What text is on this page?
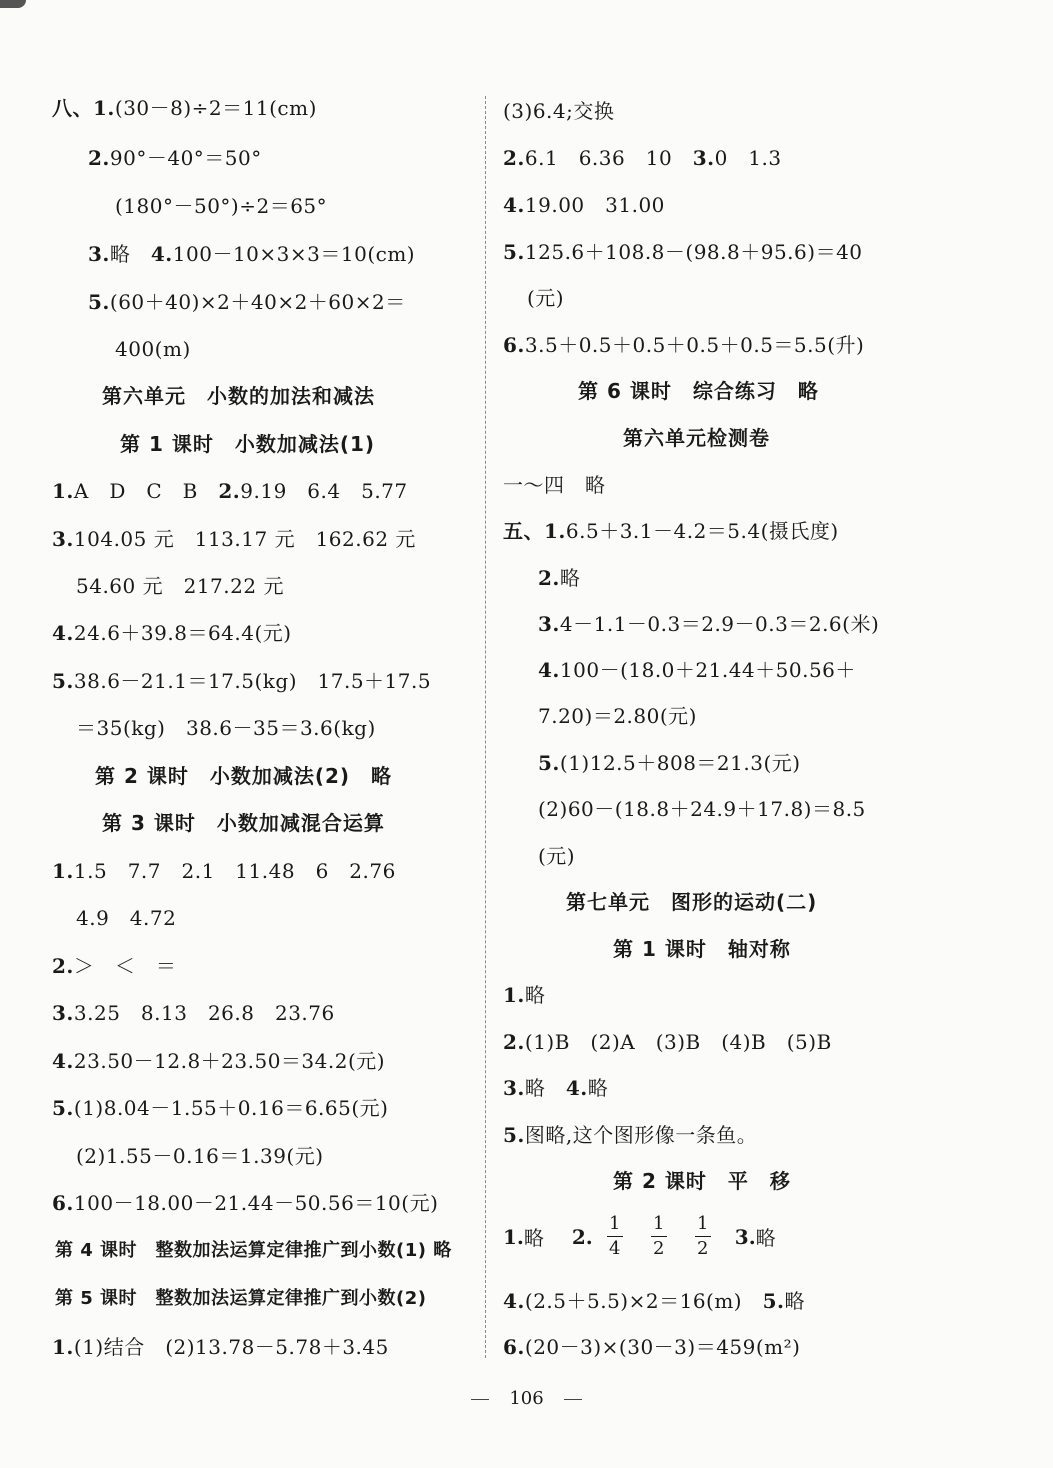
八、1.(30－8)÷2＝11(cm)
2.90°－40°＝50°
(180°－50°)÷2＝65°
3.略　4.100－10×3×3＝10(cm)
5.(60＋40)×2＋40×2＋60×2＝
400(m)
第六单元　小数的加法和减法
第 1 课时　小数加减法(1)
1.A　D　C　B　2.9.19　6.4　5.77
3.104.05 元　113.17 元　162.62 元
54.60 元　217.22 元
4.24.6＋39.8＝64.4(元)
5.38.6－21.1＝17.5(kg)　17.5＋17.5
＝35(kg)　38.6－35＝3.6(kg)
第 2 课时　小数加减法(2)　略
第 3 课时　小数加减混合运算
1.1.5　7.7　2.1　11.48　6　2.76
4.9　4.72
2.＞　＜　＝
3.3.25　8.13　26.8　23.76
4.23.50－12.8＋23.50＝34.2(元)
5.(1)8.04－1.55＋0.16＝6.65(元)
(2)1.55－0.16＝1.39(元)
6.100－18.00－21.44－50.56＝10(元)
第 4 课时　整数加法运算定律推广到小数(1) 略
第 5 课时　整数加法运算定律推广到小数(2)
1.(1)结合　(2)13.78－5.78＋3.45
(3)6.4;交换
2.6.1　6.36　10　3.0　1.3
4.19.00　31.00
5.125.6＋108.8－(98.8＋95.6)＝40
(元)
6.3.5＋0.5＋0.5＋0.5＋0.5＝5.5(升)
第 6 课时　综合练习　略
第六单元检测卷
一～四　略
五、1.6.5＋3.1－4.2＝5.4(摄氏度)
2.略
3.4－1.1－0.3＝2.9－0.3＝2.6(米)
4.100－(18.0＋21.44＋50.56＋
7.20)＝2.80(元)
5.(1)12.5＋808＝21.3(元)
(2)60－(18.8＋24.9＋17.8)＝8.5
(元)
第七单元　图形的运动(二)
第 1 课时　轴对称
1.略
2.(1)B　(2)A　(3)B　(4)B　(5)B
3.略　4.略
5.图略,这个图形像一条鱼。
第 2 课时　平　移
1. 略　 2. $\frac{1}{4} \frac{1}{2} \frac{1}{2} 3$. 略
4.(2.5＋5.5)×2＝16(m)　5.略
6.(20－3)×(30－3)＝459(m²)
106
